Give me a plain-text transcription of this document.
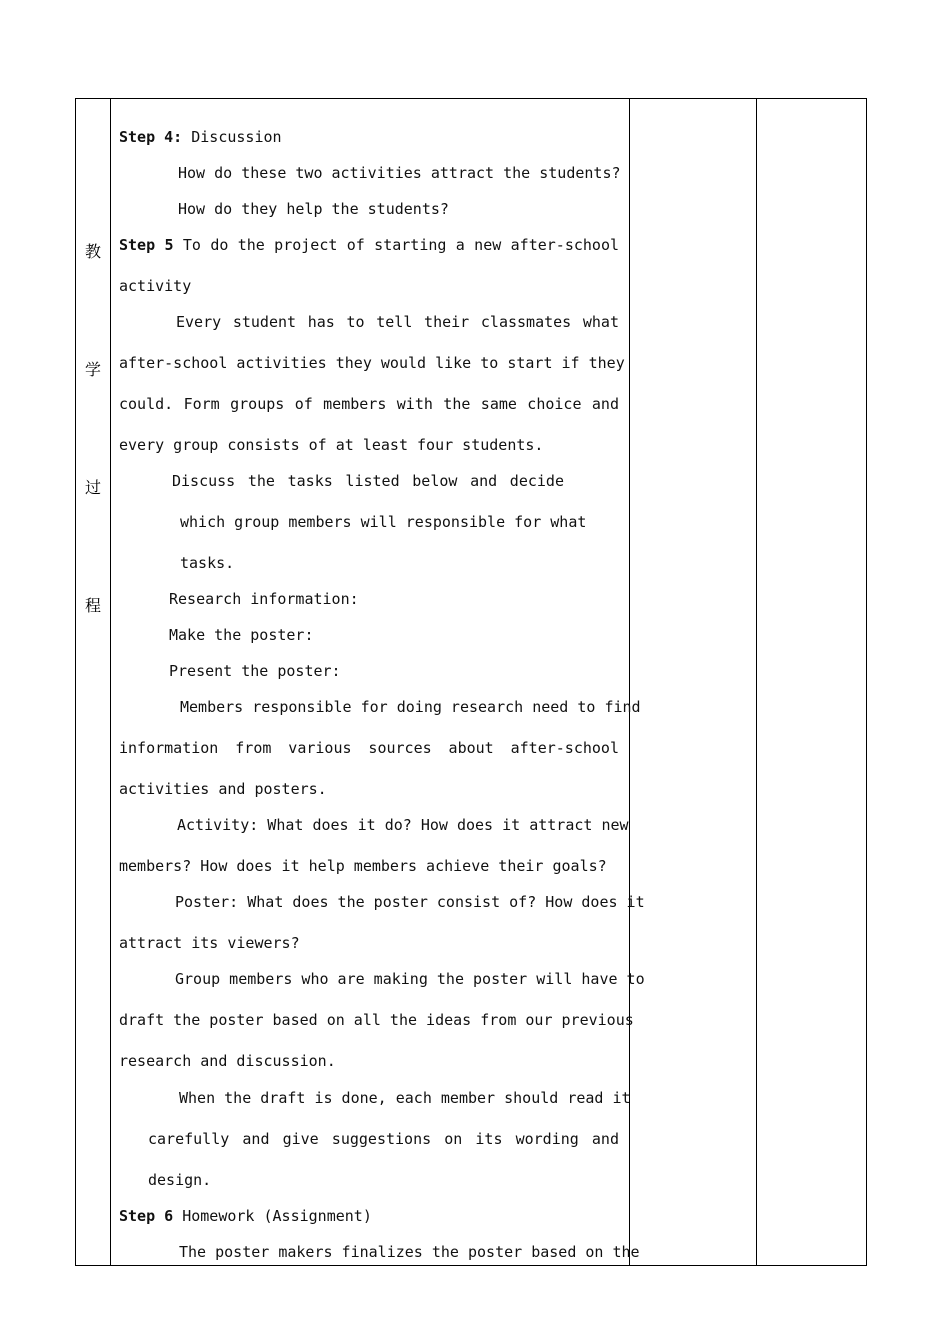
教
学
过
程

Step 4: Discussion
How do these two activities attract the students?
How do they help the students?
Step 5 To do the project of starting a new after-school
activity
Every student has to tell their classmates what
after-school activities they would like to start if they
could. Form groups of members with the same choice and
every group consists of at least four students.
Discuss the tasks listed below and decide
which group members will responsible for what
tasks.
Research information:
Make the poster:
Present the poster:
Members responsible for doing research need to find
information from various sources about after-school
activities and posters.
Activity: What does it do? How does it attract new
members? How does it help members achieve their goals?
Poster: What does the poster consist of? How does it
attract its viewers?
Group members who are making the poster will have to
draft the poster based on all the ideas from our previous
research and discussion.
When the draft is done, each member should read it
carefully and give suggestions on its wording and
design.
Step 6 Homework (Assignment)
The poster makers finalizes the poster based on the
